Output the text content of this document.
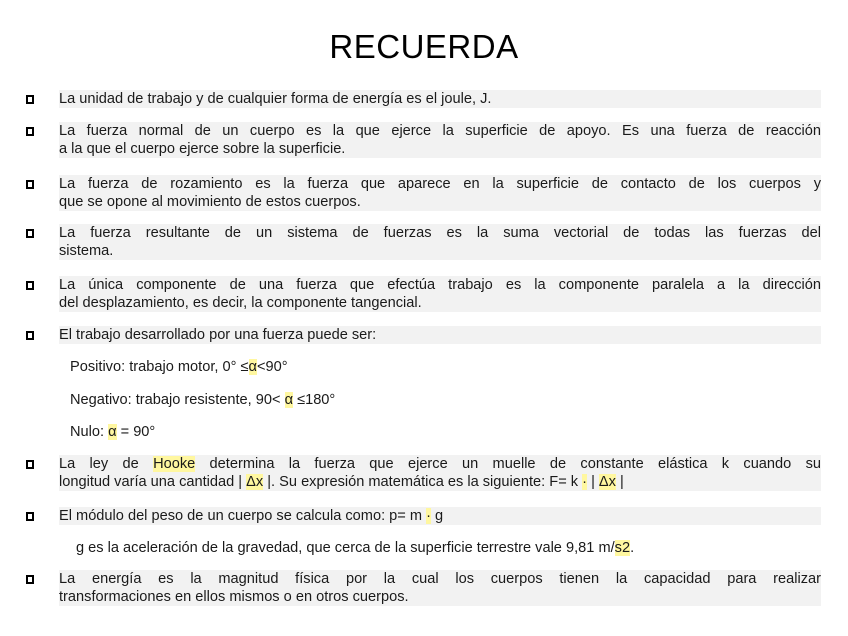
RECUERDA
La unidad de trabajo y de cualquier forma de energía es el joule, J.
La fuerza normal de un cuerpo es la que ejerce la superficie de apoyo. Es una fuerza de reacción
a la que el cuerpo ejerce sobre la superficie.
La fuerza de rozamiento es la fuerza que aparece en la superficie de contacto de los cuerpos y
que se opone al movimiento de estos cuerpos.
La fuerza resultante de un sistema de fuerzas es la suma vectorial de todas las fuerzas del
sistema.
La única componente de una fuerza que efectúa trabajo es la componente paralela a la dirección
del desplazamiento, es decir, la componente tangencial.
El trabajo desarrollado por una fuerza puede ser:
Positivo: trabajo motor, 0° ≤α<90°
Negativo: trabajo resistente, 90< α ≤180°
Nulo: α = 90°
La ley de Hooke determina la fuerza que ejerce un muelle de constante elástica k cuando su
longitud varía una cantidad | Δx |. Su expresión matemática es la siguiente: F= k · | Δx |
El módulo del peso de un cuerpo se calcula como: p= m · g
g es la aceleración de la gravedad, que cerca de la superficie terrestre vale 9,81 m/s2.
La energía es la magnitud física por la cual los cuerpos tienen la capacidad para realizar
transformaciones en ellos mismos o en otros cuerpos.
